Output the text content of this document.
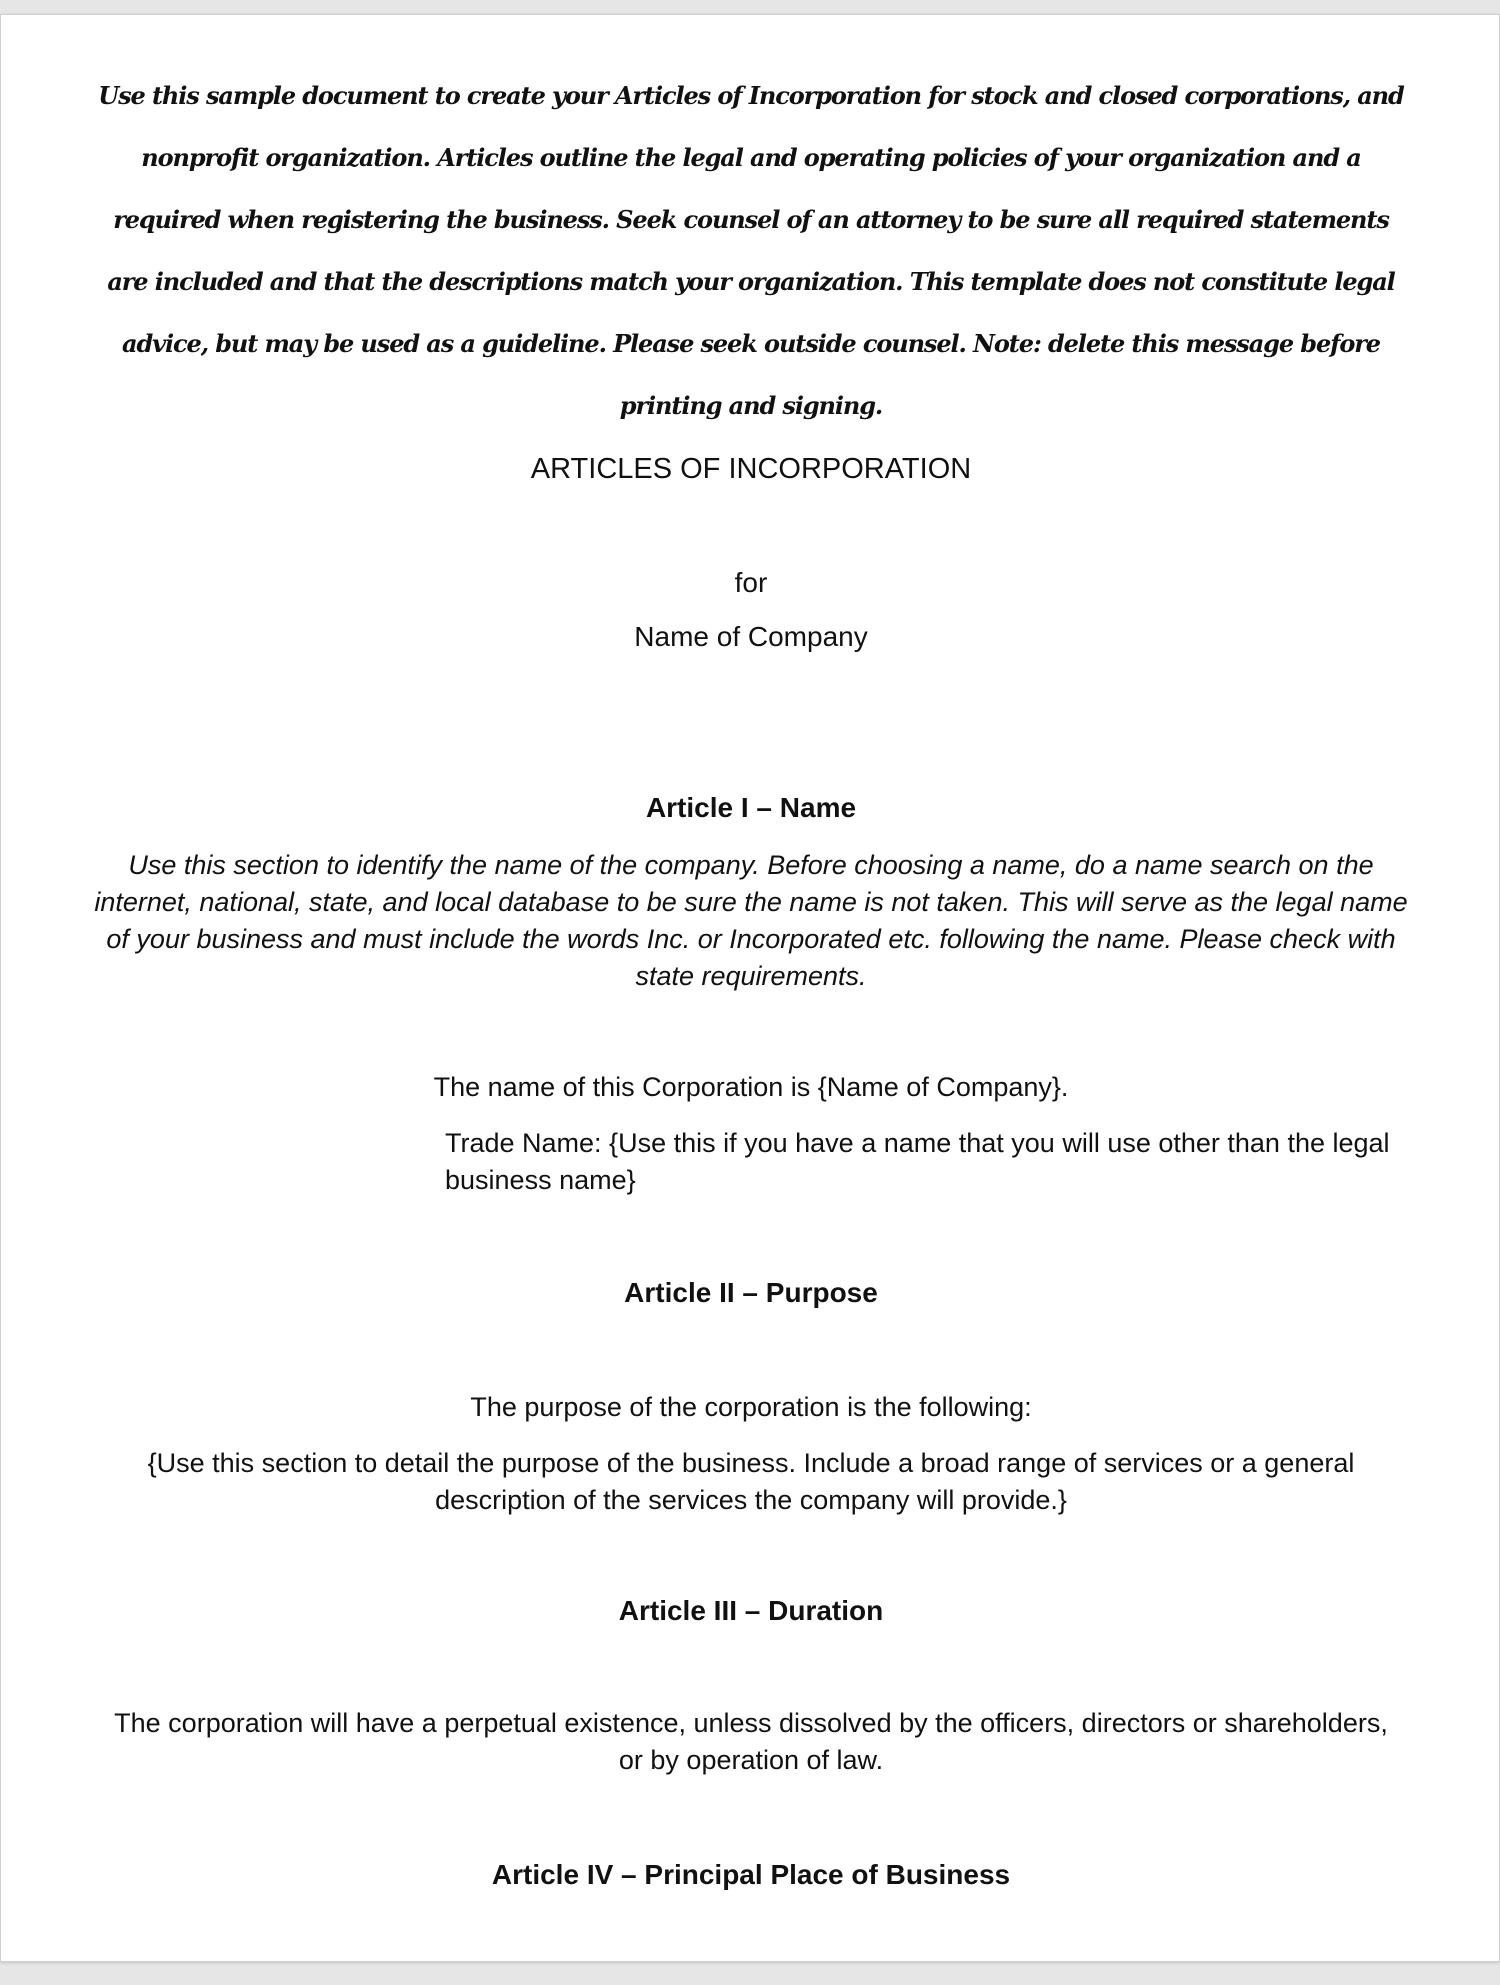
Use this sample document to create your Articles of Incorporation for stock and closed corporations, and nonprofit organization. Articles outline the legal and operating policies of your organization and a required when registering the business. Seek counsel of an attorney to be sure all required statements are included and that the descriptions match your organization. This template does not constitute legal advice, but may be used as a guideline. Please seek outside counsel. Note: delete this message before printing and signing.

ARTICLES OF INCORPORATION
for
Name of Company
Article I – Name

Use this section to identify the name of the company. Before choosing a name, do a name search on the internet, national, state, and local database to be sure the name is not taken. This will serve as the legal name of your business and must include the words Inc. or Incorporated etc. following the name. Please check with state requirements.

The name of this Corporation is {Name of Company}.

Trade Name: {Use this if you have a name that you will use other than the legal business name}

Article II – Purpose
The purpose of the corporation is the following:

{Use this section to detail the purpose of the business. Include a broad range of services or a general description of the services the company will provide.}

Article III – Duration

The corporation will have a perpetual existence, unless dissolved by the officers, directors or shareholders, or by operation of law.

Article IV – Principal Place of Business
